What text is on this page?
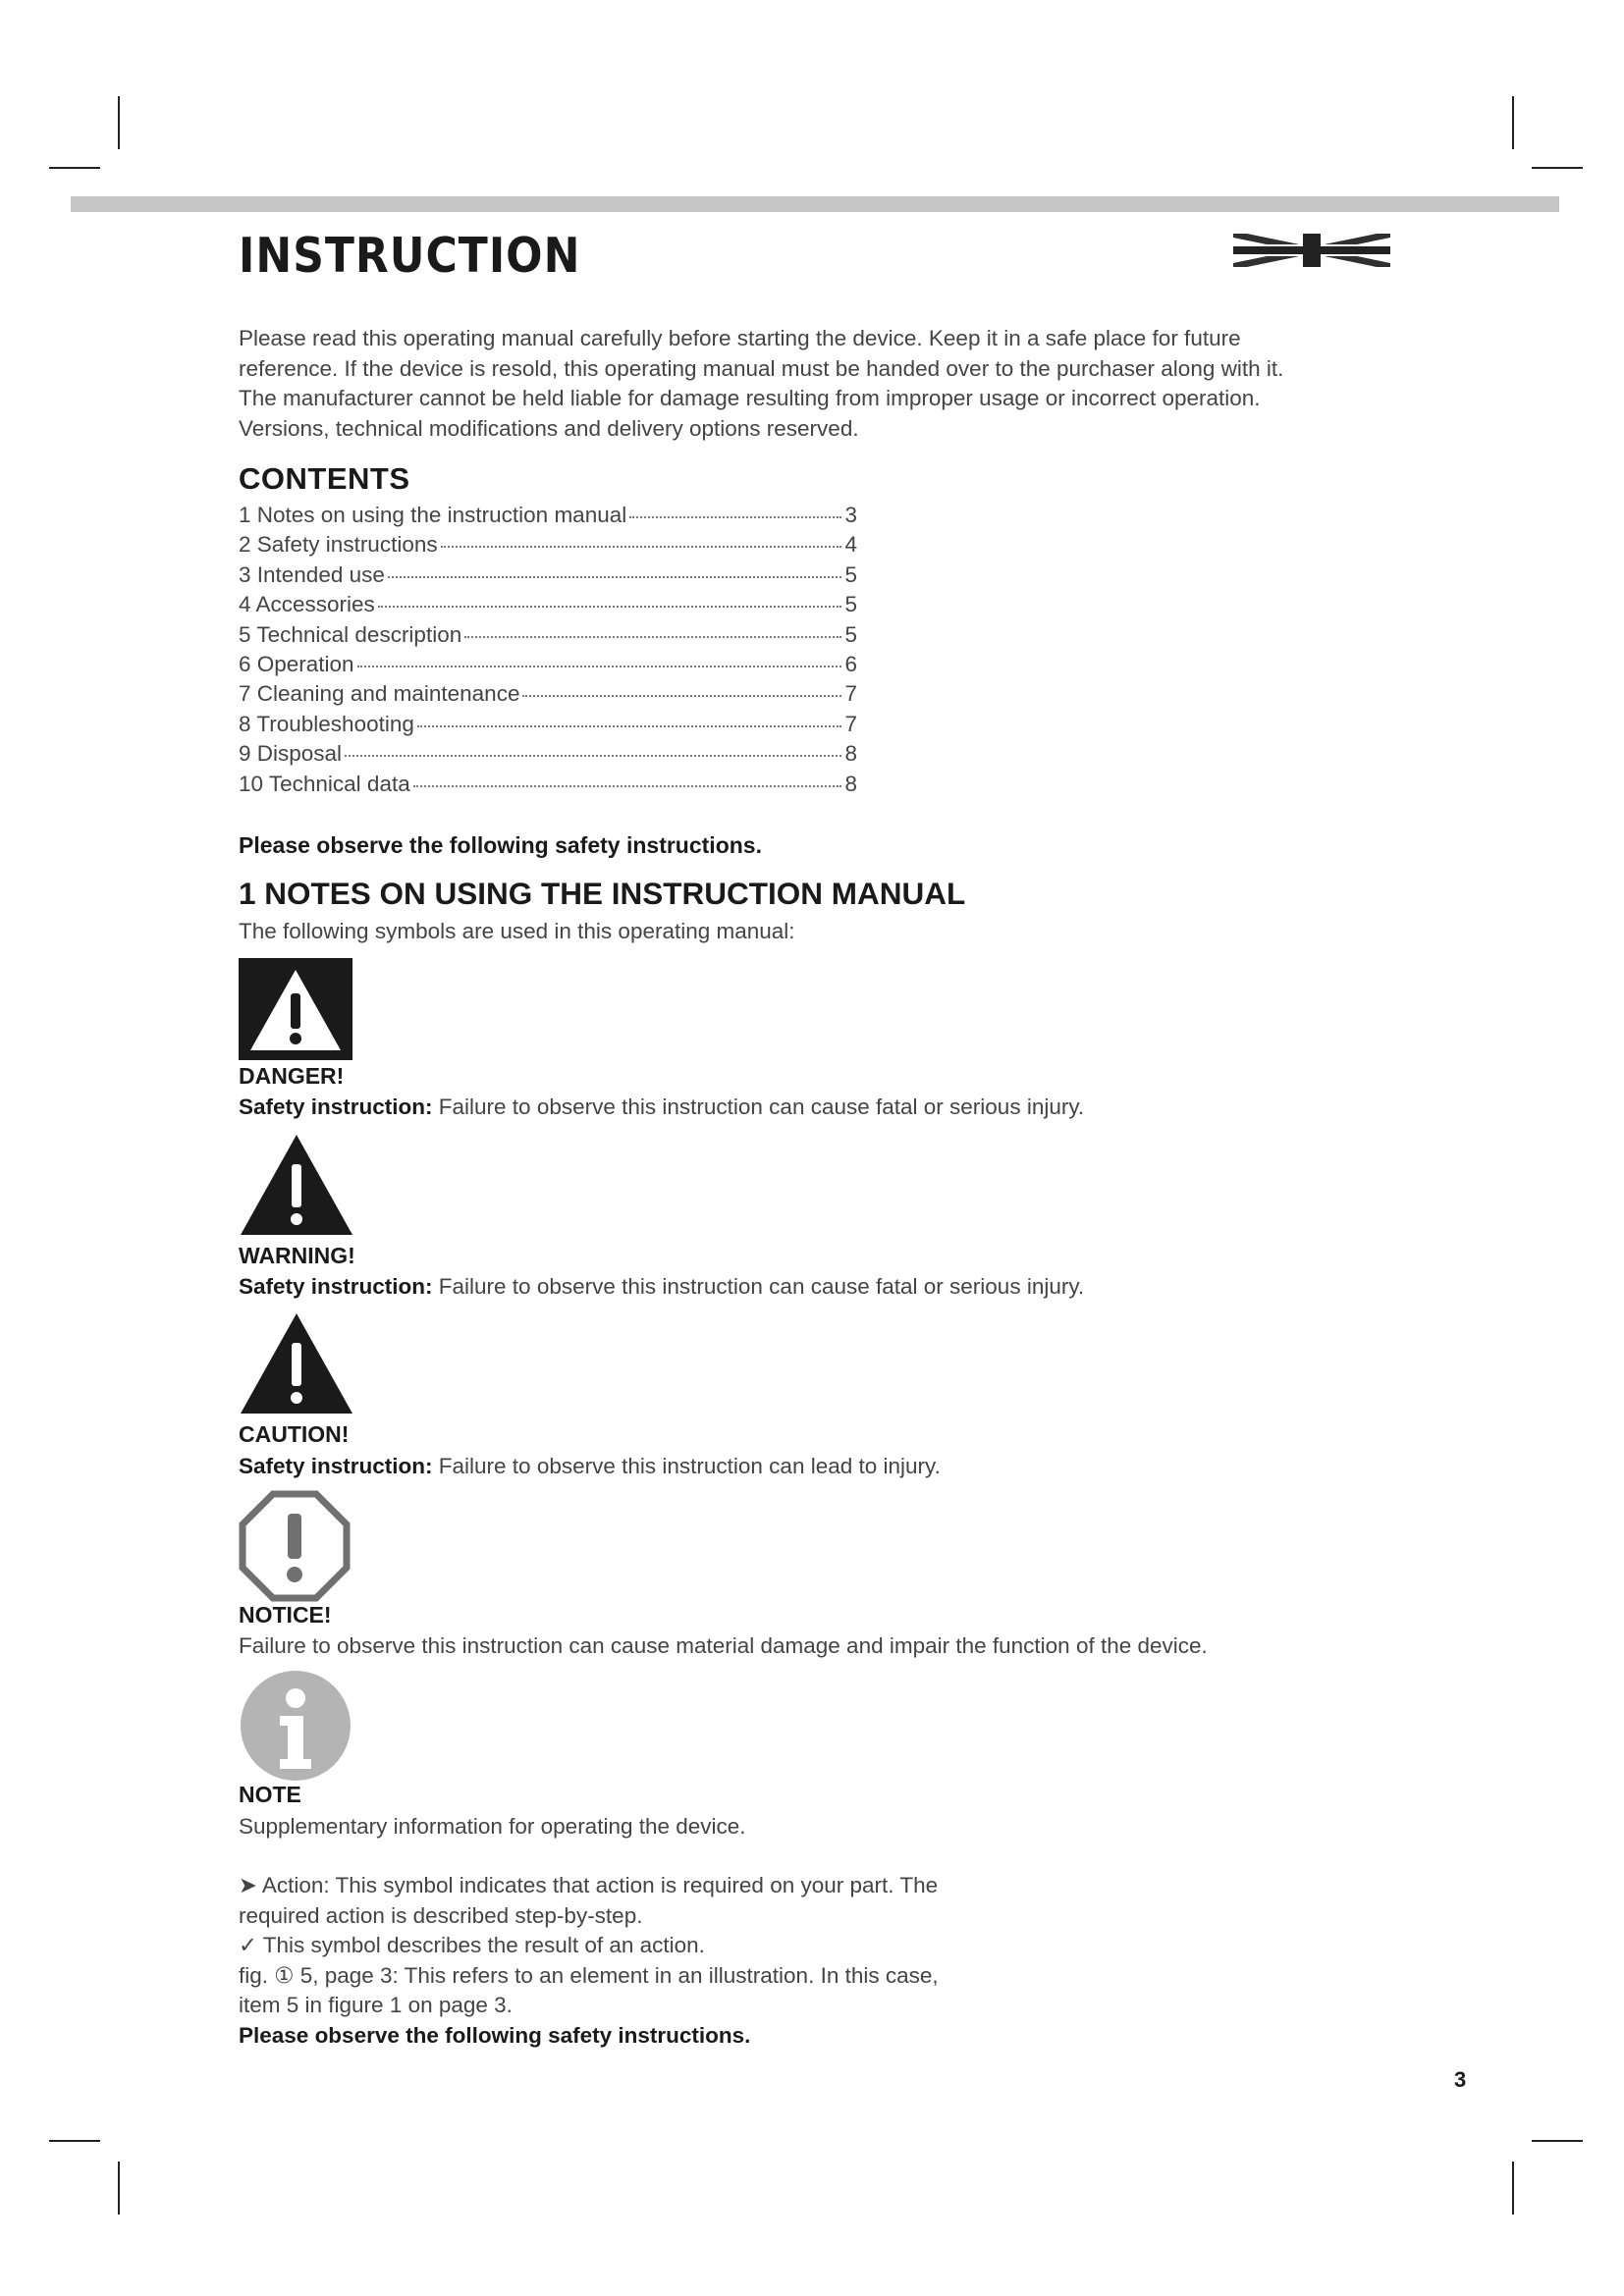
INSTRUCTION

Please read this operating manual carefully before starting the device. Keep it in a safe place for future
reference. If the device is resold, this operating manual must be handed over to the purchaser along with it.
The manufacturer cannot be held liable for damage resulting from improper usage or incorrect operation.
Versions, technical modifications and delivery options reserved.

CONTENTS
1 Notes on using the instruction manual	3
2 Safety instructions	4
3 Intended use	5
4 Accessories	5
5 Technical description	5
6 Operation	6
7 Cleaning and maintenance	7
8 Troubleshooting	7
9 Disposal	8
10 Technical data	8

Please observe the following safety instructions.

1 NOTES ON USING THE INSTRUCTION MANUAL

The following symbols are used in this operating manual:

DANGER!

Safety instruction: Failure to observe this instruction can cause fatal or serious injury.

WARNING!

Safety instruction: Failure to observe this instruction can cause fatal or serious injury.

CAUTION!

Safety instruction: Failure to observe this instruction can lead to injury.

NOTICE!

Failure to observe this instruction can cause material damage and impair the function of the device.

NOTE

Supplementary information for operating the device.

➤ Action: This symbol indicates that action is required on your part. The
required action is described step-by-step.
✓ This symbol describes the result of an action.
fig. ① 5, page 3: This refers to an element in an illustration. In this case,
item 5 in figure 1 on page 3.
Please observe the following safety instructions.

3
